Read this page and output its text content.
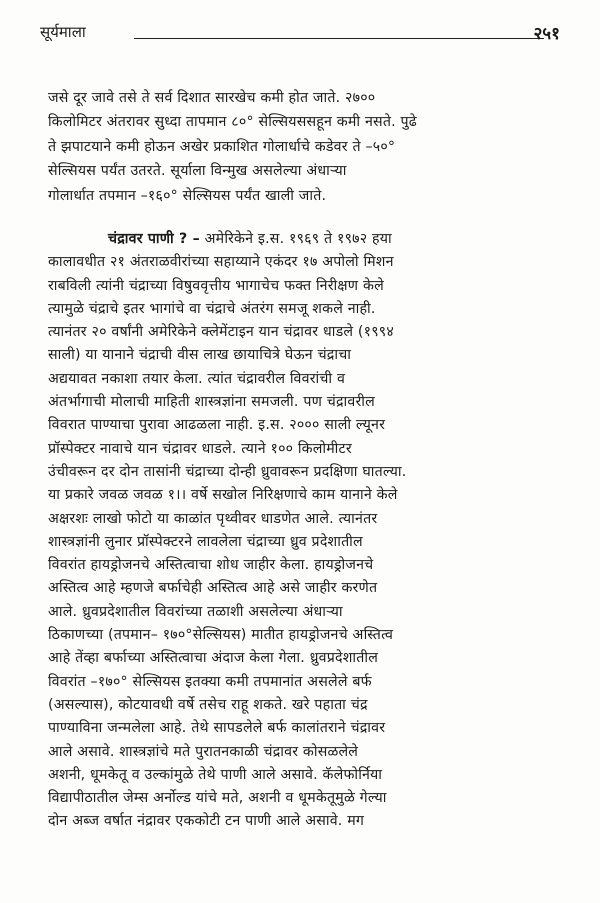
सूर्यमाला	२५१
जसे दूर जावे तसे ते सर्व दिशात सारखेच कमी होत जाते. २७००
किलोमिटर अंतरावर सुध्दा तापमान ८०° सेल्सियससहून कमी नसते. पुढे
ते झपाटयाने कमी होऊन अखेर प्रकाशित गोलार्धाचे कडेवर ते –५०°
सेल्सियस पर्यंत उतरते. सूर्याला विन्मुख असलेल्या अंधाऱ्या
गोलार्धात तपमान –१६०° सेल्सियस पर्यंत खाली जाते.
चंद्रावर पाणी ? – अमेरिकेने इ.स. १९६९ ते १९७२ हया
कालावधीत २१ अंतराळवीरांच्या सहाय्याने एकंदर १७ अपोलो मिशन
राबविली त्यांनी चंद्राच्या विषुववृत्तीय भागाचेच फक्त निरीक्षण केले
त्यामुळे चंद्राचे इतर भागांचे वा चंद्राचे अंतरंग समजू शकले नाही.
त्यानंतर २० वर्षांनी अमेरिकेने क्लेमेंटाइन यान चंद्रावर धाडले (१९९४
साली) या यानाने चंद्राची वीस लाख छायाचित्रे घेऊन चंद्राचा
अद्ययावत नकाशा तयार केला. त्यांत चंद्रावरील विवरांची व
अंतर्भागाची मोलाची माहिती शास्त्रज्ञांना समजली. पण चंद्रावरील
विवरात पाण्याचा पुरावा आढळला नाही. इ.स. २००० साली ल्यूनर
प्रॉस्पेक्टर नावाचे यान चंद्रावर धाडले. त्याने १०० किलोमीटर
उंचीवरून दर दोन तासांनी चंद्राच्या दोन्ही ध्रुवावरून प्रदक्षिणा घातल्या.
या प्रकारे जवळ जवळ १।। वर्षे सखोल निरिक्षणाचे काम यानाने केले
अक्षरशः लाखो फोटो या काळांत पृथ्वीवर धाडणेत आले. त्यानंतर
शास्त्रज्ञांनी लुनार प्रॉस्पेक्टरने लावलेला चंद्राच्या ध्रुव प्रदेशातील
विवरांत हायड्रोजनचे अस्तित्वाचा शोध जाहीर केला. हायड्रोजनचे
अस्तित्व आहे म्हणजे बर्फाचेही अस्तित्व आहे असे जाहीर करणेत
आले. ध्रुवप्रदेशातील विवरांच्या तळाशी असलेल्या अंधाऱ्या
ठिकाणच्या (तपमान– १७०°सेल्सियस) मातीत हायड्रोजनचे अस्तित्व
आहे तेंव्हा बर्फाच्या अस्तित्वाचा अंदाज केला गेला. ध्रुवप्रदेशातील
विवरांत –१७०° सेल्सियस इतक्या कमी तपमानांत असलेले बर्फ
(असल्यास), कोटयावधी वर्षे तसेच राहू शकते. खरे पहाता चंद्र
पाण्याविना जन्मलेला आहे. तेथे सापडलेले बर्फ कालांतराने चंद्रावर
आले असावे. शास्त्रज्ञांचे मते पुरातनकाळी चंद्रावर कोसळलेले
अशनी, धूमकेतू व उल्कांमुळे तेथे पाणी आले असावे. कॅलेफोर्निया
विद्यापीठातील जेम्स अर्नोल्ड यांचे मते, अशनी व धूमकेतूमुळे गेल्या
दोन अब्ज वर्षात नंद्रावर एककोटी टन पाणी आले असावे. मग
